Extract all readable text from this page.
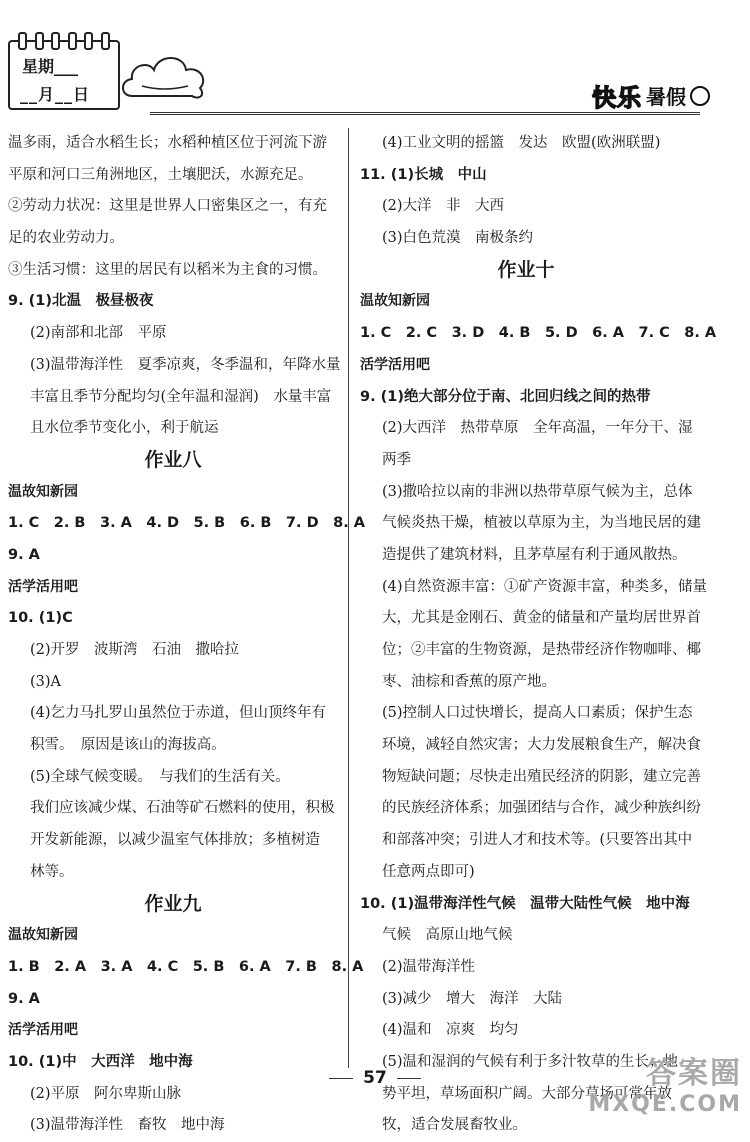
星期___
__月__日	快乐 暑假
温多雨，适合水稻生长；水稻种植区位于河流下游
平原和河口三角洲地区，土壤肥沃，水源充足。
②劳动力状况：这里是世界人口密集区之一，有充
足的农业劳动力。
③生活习惯：这里的居民有以稻米为主食的习惯。
9. (1)北温　极昼极夜
(2)南部和北部　平原
(3)温带海洋性　夏季凉爽，冬季温和，年降水量
丰富且季节分配均匀(全年温和湿润)　水量丰富
且水位季节变化小，利于航运
作业八
温故知新园
1. C　2. B　3. A　4. D　5. B　6. B　7. D　8. A
9. A
活学活用吧
10. (1)C
(2)开罗　波斯湾　石油　撒哈拉
(3)A
(4)乞力马扎罗山虽然位于赤道，但山顶终年有
积雪。　原因是该山的海拔高。
(5)全球气候变暖。　与我们的生活有关。
我们应该减少煤、石油等矿石燃料的使用，积极
开发新能源，以减少温室气体排放；多植树造
林等。
作业九
温故知新园
1. B　2. A　3. A　4. C　5. B　6. A　7. B　8. A
9. A
活学活用吧
10. (1)中　大西洋　地中海
(2)平原　阿尔卑斯山脉
(3)温带海洋性　畜牧　地中海
(4)工业文明的摇篮　发达　欧盟(欧洲联盟)
11. (1)长城　中山
(2)大洋　非　大西
(3)白色荒漠　南极条约
作业十
温故知新园
1. C　2. C　3. D　4. B　5. D　6. A　7. C　8. A
活学活用吧
9. (1)绝大部分位于南、北回归线之间的热带
(2)大西洋　热带草原　全年高温，一年分干、湿
两季
(3)撒哈拉以南的非洲以热带草原气候为主，总体
气候炎热干燥，植被以草原为主，为当地民居的建
造提供了建筑材料，且茅草屋有利于通风散热。
(4)自然资源丰富：①矿产资源丰富，种类多，储量
大，尤其是金刚石、黄金的储量和产量均居世界首
位；②丰富的生物资源，是热带经济作物咖啡、椰
枣、油棕和香蕉的原产地。
(5)控制人口过快增长，提高人口素质；保护生态
环境，减轻自然灾害；大力发展粮食生产，解决食
物短缺问题；尽快走出殖民经济的阴影，建立完善
的民族经济体系；加强团结与合作，减少种族纠纷
和部落冲突；引进人才和技术等。(只要答出其中
任意两点即可)
10. (1)温带海洋性气候　温带大陆性气候　地中海
气候　高原山地气候
(2)温带海洋性
(3)减少　增大　海洋　大陆
(4)温和　凉爽　均匀
(5)温和湿润的气候有利于多汁牧草的生长；地
势平坦，草场面积广阔。大部分草场可常年放
牧，适合发展畜牧业。
57	答案圈
MXQE.COM
